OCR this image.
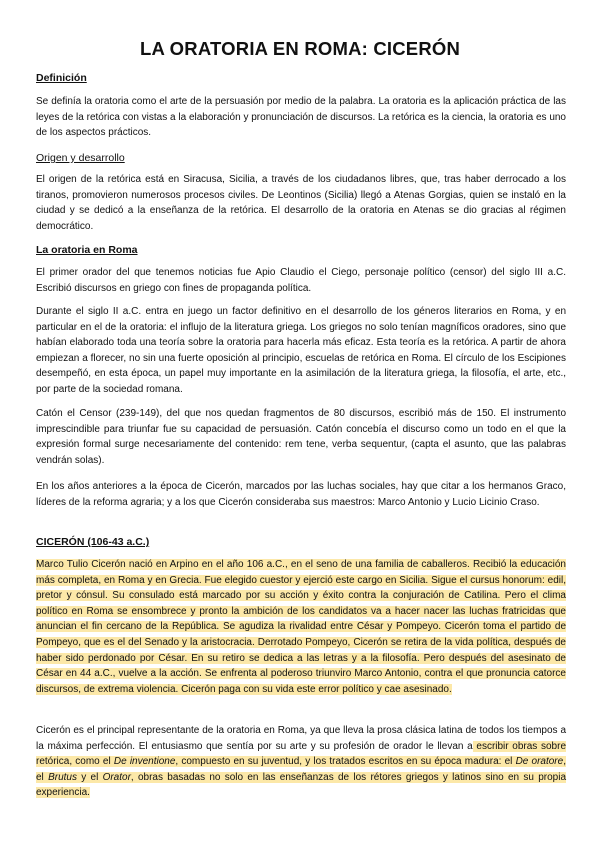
LA ORATORIA EN ROMA: CICERÓN
Definición
Se definía la oratoria como el arte de la persuasión por medio de la palabra. La oratoria es la aplicación práctica de las leyes de la retórica con vistas a la elaboración y pronunciación de discursos. La retórica es la ciencia, la oratoria es uno de los aspectos prácticos.
Origen y desarrollo
El origen de la retórica está en Siracusa, Sicilia, a través de los ciudadanos libres, que, tras haber derrocado a los tiranos, promovieron numerosos procesos civiles. De Leontinos (Sicilia) llegó a Atenas Gorgias, quien se instaló en la ciudad y se dedicó a la enseñanza de la retórica. El desarrollo de la oratoria en Atenas se dio gracias al régimen democrático.
La oratoria en Roma
El primer orador del que tenemos noticias fue Apio Claudio el Ciego, personaje político (censor) del siglo III a.C. Escribió discursos en griego con fines de propaganda política.
Durante el siglo II a.C. entra en juego un factor definitivo en el desarrollo de los géneros literarios en Roma, y en particular en el de la oratoria: el influjo de la literatura griega. Los griegos no solo tenían magníficos oradores, sino que habían elaborado toda una teoría sobre la oratoria para hacerla más eficaz. Esta teoría es la retórica. A partir de ahora empiezan a florecer, no sin una fuerte oposición al principio, escuelas de retórica en Roma. El círculo de los Escipiones desempeñó, en esta época, un papel muy importante en la asimilación de la literatura griega, la filosofía, el arte, etc., por parte de la sociedad romana.
Catón el Censor (239-149), del que nos quedan fragmentos de 80 discursos, escribió más de 150. El instrumento imprescindible para triunfar fue su capacidad de persuasión. Catón concebía el discurso como un todo en el que la expresión formal surge necesariamente del contenido: rem tene, verba sequentur, (capta el asunto, que las palabras vendrán solas).
En los años anteriores a la época de Cicerón, marcados por las luchas sociales, hay que citar a los hermanos Graco, líderes de la reforma agraria; y a los que Cicerón consideraba sus maestros: Marco Antonio y Lucio Licinio Craso.
CICERÓN (106-43 a.C.)
Marco Tulio Cicerón nació en Arpino en el año 106 a.C., en el seno de una familia de caballeros. Recibió la educación más completa, en Roma y en Grecia. Fue elegido cuestor y ejerció este cargo en Sicilia. Sigue el cursus honorum: edil, pretor y cónsul. Su consulado está marcado por su acción y éxito contra la conjuración de Catilina. Pero el clima político en Roma se ensombrece y pronto la ambición de los candidatos va a hacer nacer las luchas fratricidas que anuncian el fin cercano de la República. Se agudiza la rivalidad entre César y Pompeyo. Cicerón toma el partido de Pompeyo, que es el del Senado y la aristocracia. Derrotado Pompeyo, Cicerón se retira de la vida política, después de haber sido perdonado por César. En su retiro se dedica a las letras y a la filosofía. Pero después del asesinato de César en 44 a.C., vuelve a la acción. Se enfrenta al poderoso triunviro Marco Antonio, contra el que pronuncia catorce discursos, de extrema violencia. Cicerón paga con su vida este error político y cae asesinado.
Cicerón es el principal representante de la oratoria en Roma, ya que lleva la prosa clásica latina de todos los tiempos a la máxima perfección. El entusiasmo que sentía por su arte y su profesión de orador le llevan a escribir obras sobre retórica, como el De inventione, compuesto en su juventud, y los tratados escritos en su época madura: el De oratore, el Brutus y el Orator, obras basadas no solo en las enseñanzas de los rétores griegos y latinos sino en su propia experiencia.
